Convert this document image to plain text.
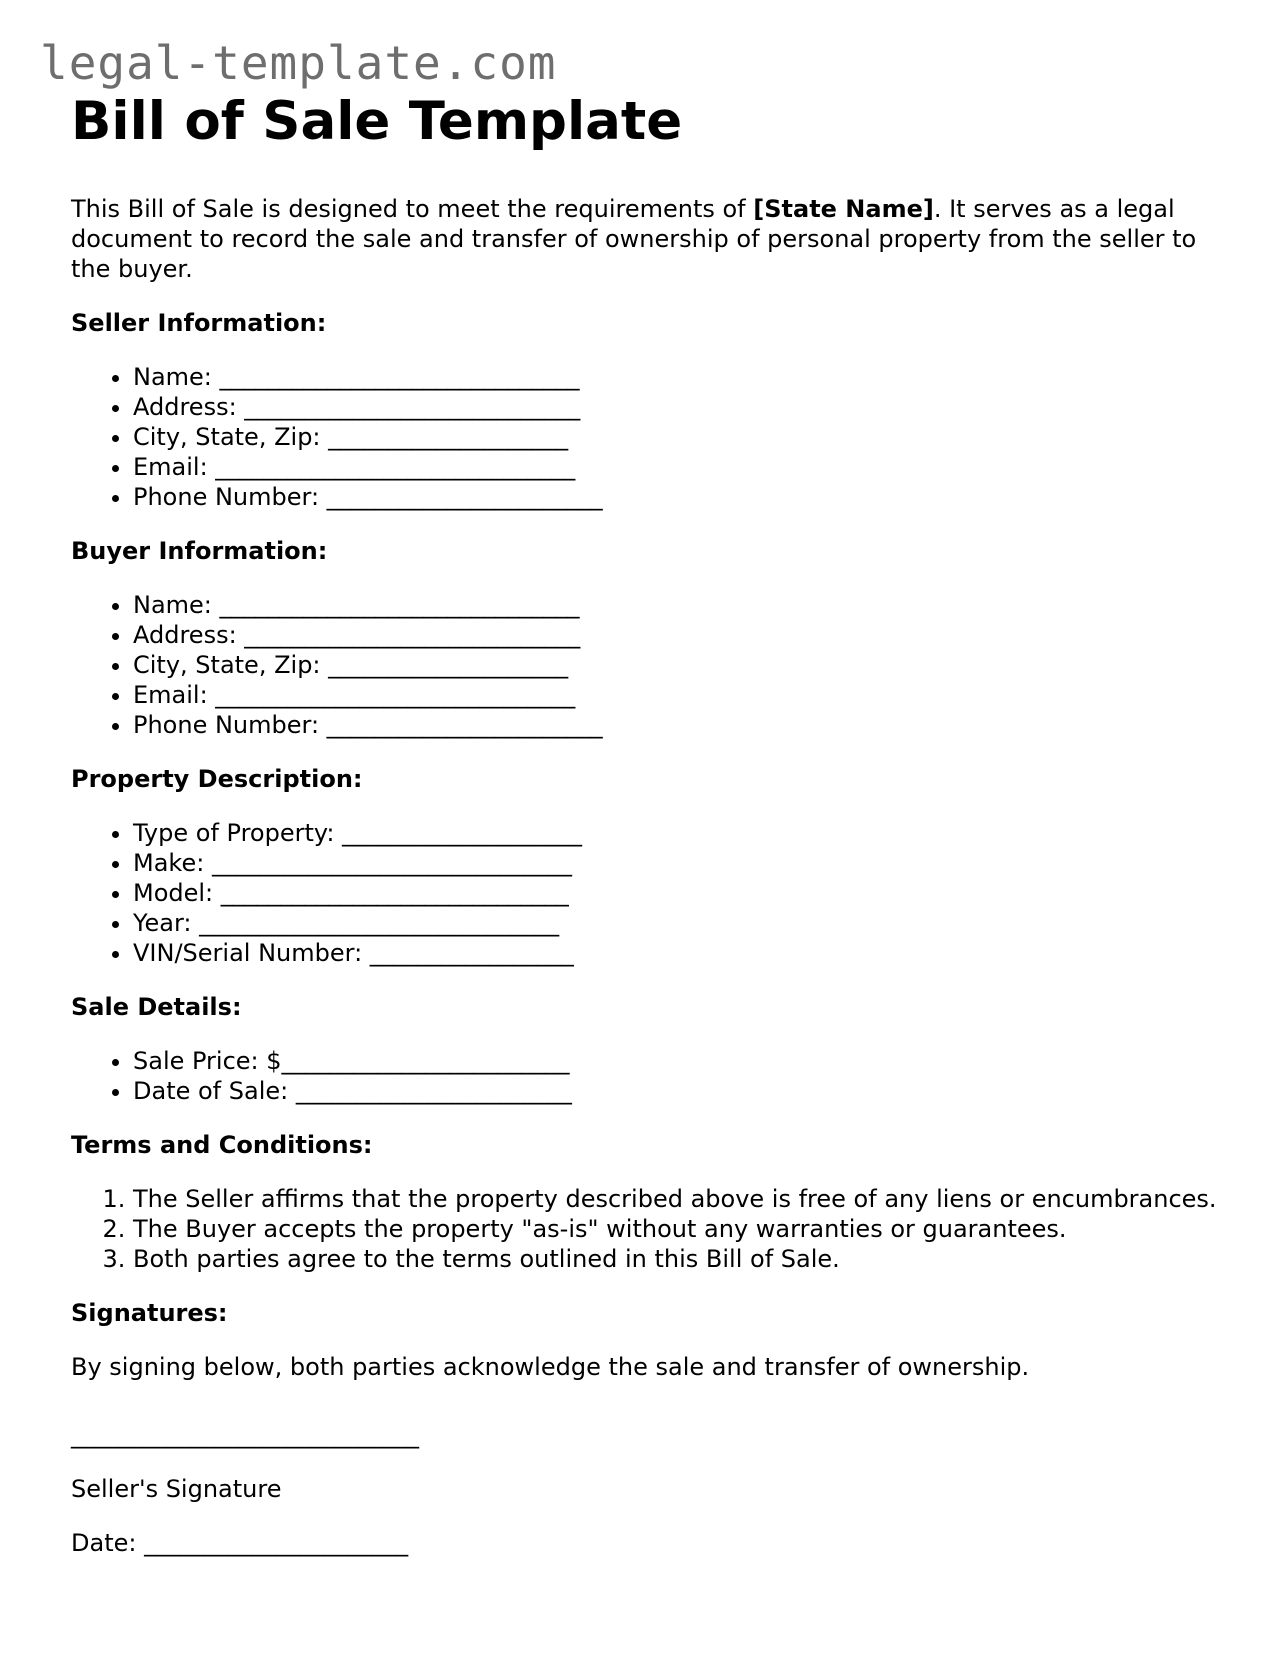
legal-template.com
Bill of Sale Template

This Bill of Sale is designed to meet the requirements of [State Name]. It serves as a legal document to record the sale and transfer of ownership of personal property from the seller to the buyer.

Seller Information:
• Name: ______________________________
• Address: ____________________________
• City, State, Zip: ____________________
• Email: ______________________________
• Phone Number: _______________________
Buyer Information:
• Name: ______________________________
• Address: ____________________________
• City, State, Zip: ____________________
• Email: ______________________________
• Phone Number: _______________________
Property Description:
• Type of Property: ____________________
• Make: ______________________________
• Model: _____________________________
• Year: ______________________________
• VIN/Serial Number: _________________
Sale Details:
• Sale Price: $________________________
• Date of Sale: _______________________
Terms and Conditions:
1. The Seller affirms that the property described above is free of any liens or encumbrances.
2. The Buyer accepts the property "as-is" without any warranties or guarantees.
3. Both parties agree to the terms outlined in this Bill of Sale.
Signatures:

By signing below, both parties acknowledge the sale and transfer of ownership.

_____________________________

Seller's Signature

Date: ______________________
